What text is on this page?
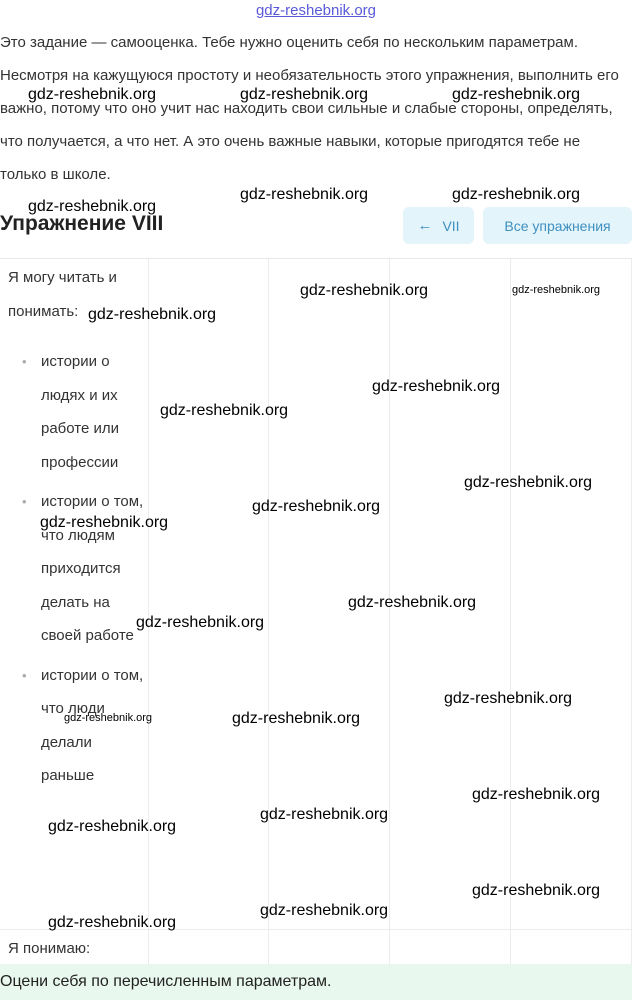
gdz-reshebnik.org
Это задание — самооценка. Тебе нужно оценить себя по нескольким параметрам. Несмотря на кажущуюся простоту и необязательность этого упражнения, выполнить его важно, потому что оно учит нас находить свои сильные и слабые стороны, определять, что получается, а что нет. А это очень важные навыки, которые пригодятся тебе не только в школе.
Упражнение VIII	← VII	Все упражнения
Я могу читать и понимать:
• истории о людях и их работе или профессии
• истории о том, что людям приходится делать на своей работе
• истории о том, что люди делали раньше
Я понимаю:
Оцени себя по перечисленным параметрам.
gdz-reshebnik.org	gdz-reshebnik.org	gdz-reshebnik.org
gdz-reshebnik.org	gdz-reshebnik.org
gdz-reshebnik.org
gdz-reshebnik.org	gdz-reshebnik.org
gdz-reshebnik.org
gdz-reshebnik.org
gdz-reshebnik.org
gdz-reshebnik.org
gdz-reshebnik.org
gdz-reshebnik.org
gdz-reshebnik.org
gdz-reshebnik.org
gdz-reshebnik.org
gdz-reshebnik.org	gdz-reshebnik.org
gdz-reshebnik.org
gdz-reshebnik.org
gdz-reshebnik.org
gdz-reshebnik.org
gdz-reshebnik.org
gdz-reshebnik.org
